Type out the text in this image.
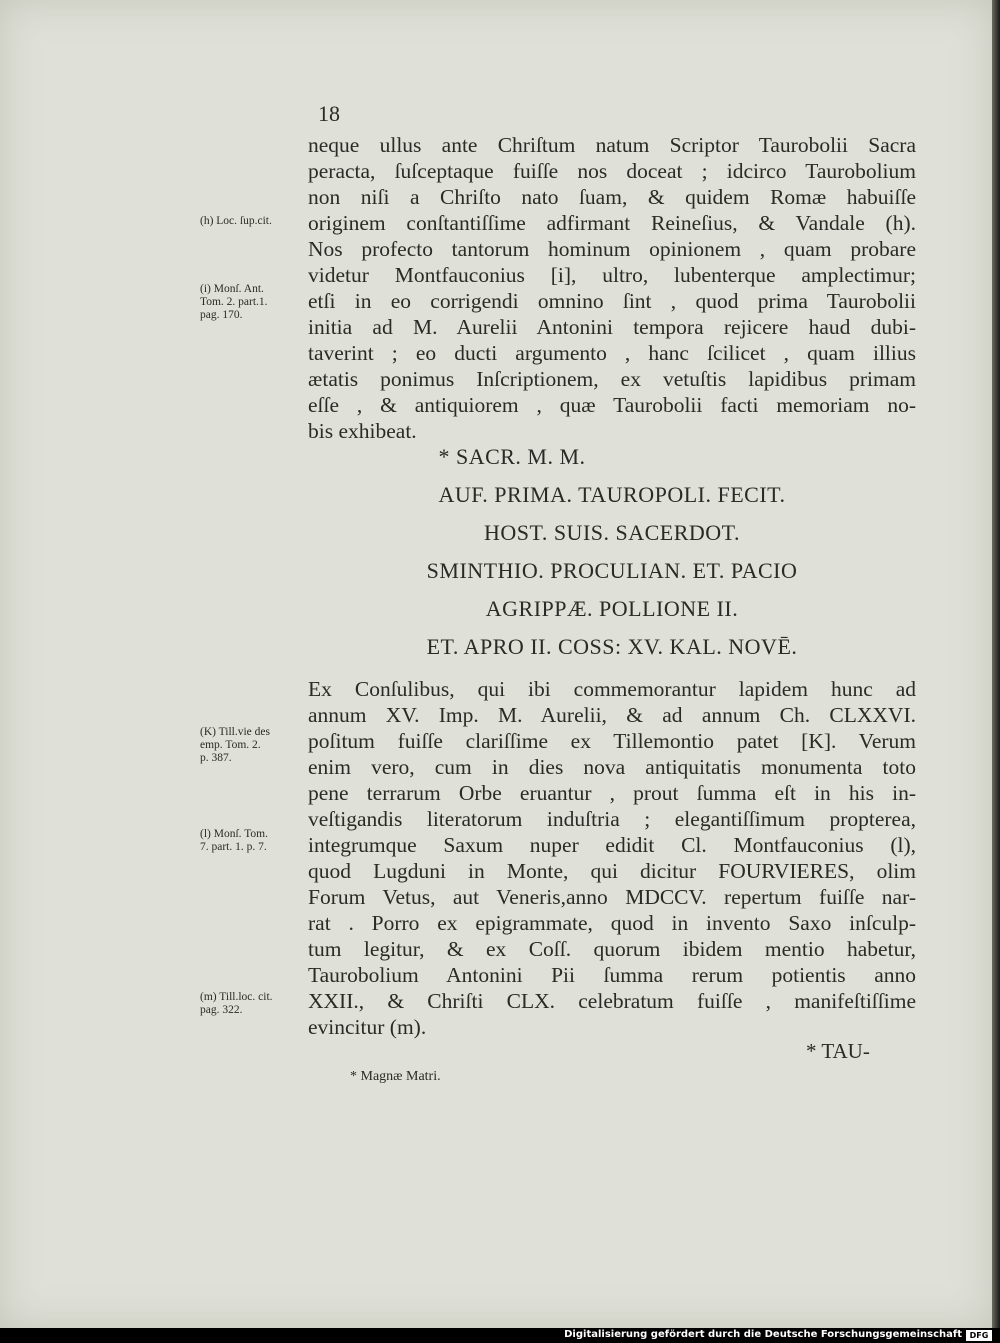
18
neque ullus ante Chriſtum natum Scriptor Taurobolii Sacra
peracta, ſuſceptaque fuiſſe nos doceat ; idcirco Taurobolium
non niſi a Chriſto nato ſuam, & quidem Romæ habuiſſe
originem conſtantiſſime adfirmant Reineſius, & Vandale (h).
Nos profecto tantorum hominum opinionem , quam probare
videtur Montfauconius [i], ultro, lubenterque amplectimur;
etſi in eo corrigendi omnino ſint , quod prima Taurobolii
initia ad M. Aurelii Antonini tempora rejicere haud dubi-
taverint ; eo ducti argumento , hanc ſcilicet , quam illius
ætatis ponimus Inſcriptionem, ex vetuſtis lapidibus primam
eſſe , & antiquiorem , quæ Taurobolii facti memoriam no-
bis exhibeat.
* SACR. M. M.
AUF. PRIMA. TAUROPOLI. FECIT.
HOST. SUIS. SACERDOT.
SMINTHIO. PROCULIAN. ET. PACIO
AGRIPPÆ. POLLIONE II.
ET. APRO II. COSS: XV. KAL. NOVĒ.
Ex Conſulibus, qui ibi commemorantur lapidem hunc ad
annum XV. Imp. M. Aurelii, & ad annum Ch. CLXXVI.
poſitum fuiſſe clariſſime ex Tillemontio patet [K]. Verum
enim vero, cum in dies nova antiquitatis monumenta toto
pene terrarum Orbe eruantur , prout ſumma eſt in his in-
veſtigandis literatorum induſtria ; elegantiſſimum propterea,
integrumque Saxum nuper edidit Cl. Montfauconius (l),
quod Lugduni in Monte, qui dicitur FOURVIERES, olim
Forum Vetus, aut Veneris,anno MDCCV. repertum fuiſſe nar-
rat . Porro ex epigrammate, quod in invento Saxo inſculp-
tum legitur, & ex Coſſ. quorum ibidem mentio habetur,
Taurobolium Antonini Pii ſumma rerum potientis anno
XXII., & Chriſti CLX. celebratum fuiſſe , manifeſtiſſime
evincitur (m).
(h) Loc. ſup.cit.
(i) Monſ. Ant.
Tom. 2. part.1.
pag. 170.
(K) Till.vie des
emp. Tom. 2.
p. 387.
(l) Monſ. Tom.
7. part. 1. p. 7.
(m) Till.loc. cit.
pag. 322.
* TAU-
* Magnæ Matri.
Digitalisierung gefördert durch die Deutsche Forschungsgemeinschaft DFG
